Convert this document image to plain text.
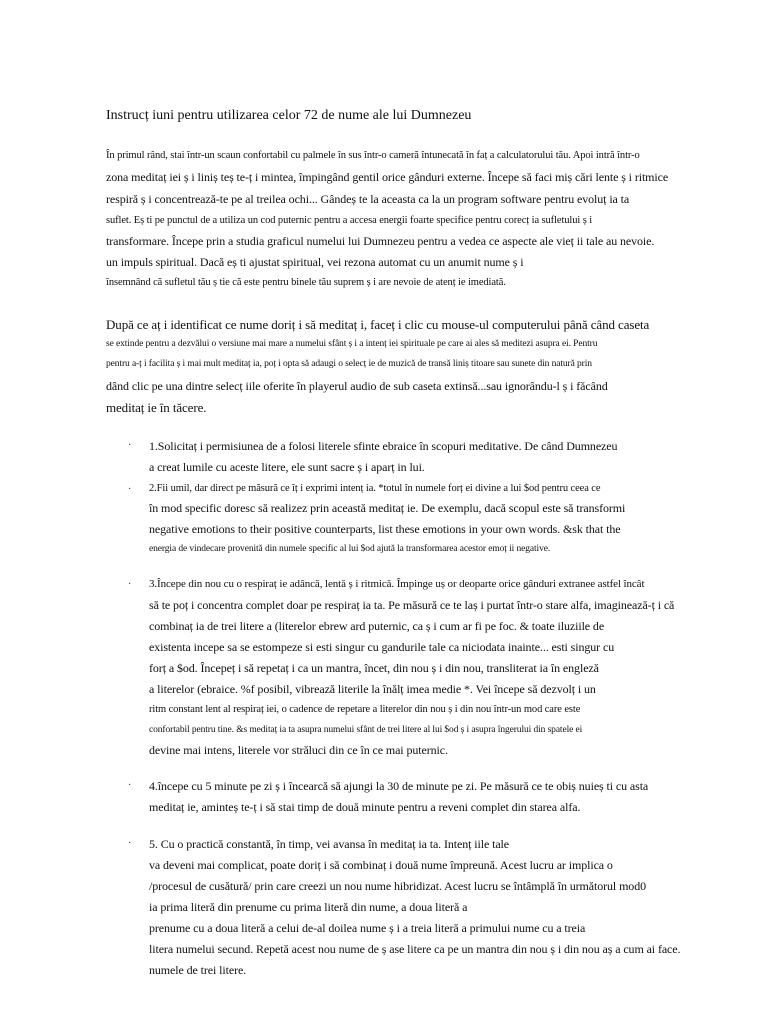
Instrucț iuni pentru utilizarea celor 72 de nume ale lui Dumnezeu
În primul rând, stai într-un scaun confortabil cu palmele în sus într-o cameră întunecată în faț a calculatorului tău. Apoi intră într-o
zona meditaț iei ș i liniș teș te-ț i mintea, împingând gentil orice gânduri externe. Începe să faci miș cări lente ș i ritmice
respiră ș i concentrează-te pe al treilea ochi... Gândeș te la aceasta ca la un program software pentru evoluț ia ta
suflet. Eș ti pe punctul de a utiliza un cod puternic pentru a accesa energii foarte specifice pentru corecț ia sufletului ș i
transformare. Începe prin a studia graficul numelui lui Dumnezeu pentru a vedea ce aspecte ale vieț ii tale au nevoie.
un impuls spiritual. Dacă eș ti ajustat spiritual, vei rezona automat cu un anumit nume ș i
însemnând că sufletul tău ș tie că este pentru binele tău suprem ș i are nevoie de atenț ie imediată.
După ce aț i identificat ce nume doriț i să meditaț i, faceț i clic cu mouse-ul computerului până când caseta
se extinde pentru a dezvălui o versiune mai mare a numelui sfânt ș i a intenț iei spirituale pe care ai ales să meditezi asupra ei. Pentru
pentru a-ț i facilita ș i mai mult meditaț ia, poț i opta să adaugi o selecț ie de muzică de transă liniș titoare sau sunete din natură prin
dând clic pe una dintre selecț iile oferite în playerul audio de sub caseta extinsă...sau ignorându-l ș i făcând
meditaț ie în tăcere.
· 1.Solicitaț i permisiunea de a folosi literele sfinte ebraice în scopuri meditative. De când Dumnezeu
a creat lumile cu aceste litere, ele sunt sacre ș i aparț in lui.
· 2.Fii umil, dar direct pe măsură ce îț i exprimi intenț ia. *totul în numele forț ei divine a lui $od pentru ceea ce
în mod specific doresc să realizez prin această meditaț ie. De exemplu, dacă scopul este să transformi
negative emotions to their positive counterparts, list these emotions in your own words. &sk that the
energia de vindecare provenită din numele specific al lui $od ajută la transformarea acestor emoț ii negative.
· 3.Începe din nou cu o respiraț ie adâncă, lentă ș i ritmică. Împinge uș or deoparte orice gânduri extranee astfel încât
să te poț i concentra complet doar pe respiraț ia ta. Pe măsură ce te laș i purtat într-o stare alfa, imaginează-ț i că
combinaț ia de trei litere a (literelor ebrew ard puternic, ca ș i cum ar fi pe foc. & toate iluziile de
existenta incepe sa se estompeze si esti singur cu gandurile tale ca niciodata inainte... esti singur cu
forț a $od. Începeț i să repetaț i ca un mantra, încet, din nou ș i din nou, transliterat ia în engleză
a literelor (ebraice. %f posibil, vibrează literile la înălț imea medie *. Vei începe să dezvolț i un
ritm constant lent al respiraț iei, o cadence de repetare a literelor din nou ș i din nou într-un mod care este
confortabil pentru tine. &s meditaț ia ta asupra numelui sfânt de trei litere al lui $od ș i asupra îngerului din spatele ei
devine mai intens, literele vor străluci din ce în ce mai puternic.
· 4.începe cu 5 minute pe zi ș i încearcă să ajungi la 30 de minute pe zi. Pe măsură ce te obiș nuieș ti cu asta
meditaț ie, aminteș te-ț i să stai timp de două minute pentru a reveni complet din starea alfa.
· 5. Cu o practică constantă, în timp, vei avansa în meditaț ia ta. Intenț iile tale
va deveni mai complicat, poate doriț i să combinaț i două nume împreună. Acest lucru ar implica o
/procesul de cusătură/ prin care creezi un nou nume hibridizat. Acest lucru se întâmplă în următorul mod0
ia prima literă din prenume cu prima literă din nume, a doua literă a
prenume cu a doua literă a celui de-al doilea nume ș i a treia literă a primului nume cu a treia
litera numelui secund. Repetă acest nou nume de ș ase litere ca pe un mantra din nou ș i din nou aș a cum ai face.
numele de trei litere.
